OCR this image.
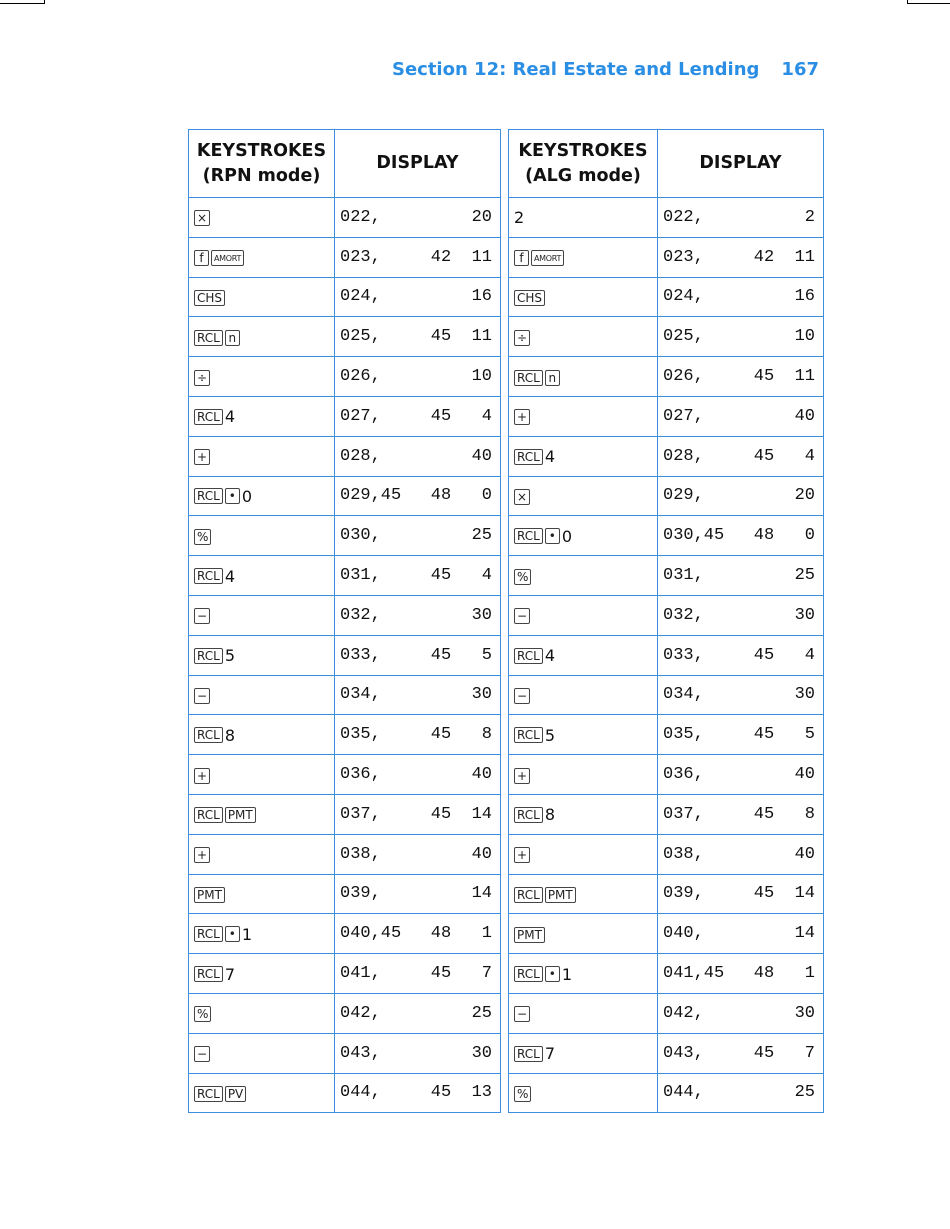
Section 12: Real Estate and Lending 167
KEYSTROKES
(RPN mode)	DISPLAY
×	022, 20

f AMORT	023, 42  11

CHS	024, 16

RCL n	025, 45  11

÷	026, 10

RCL 4	027, 45   4

+	028, 40

RCL • 0	029,45 48   0

%	030, 25

RCL 4	031, 45   4

−	032, 30

RCL 5	033, 45   5

−	034, 30

RCL 8	035, 45   8

+	036, 40

RCL PMT	037, 45  14

+	038, 40

PMT	039, 14

RCL • 1	040,45 48   1

RCL 7	041, 45   7

%	042, 25

−	043, 30

RCL PV	044, 45  13
KEYSTROKES
(ALG mode)	DISPLAY
2	022, 2

f AMORT	023, 42  11

CHS	024, 16

÷	025, 10

RCL n	026, 45  11

+	027, 40

RCL 4	028, 45   4

×	029, 20

RCL • 0	030,45 48   0

%	031, 25

−	032, 30

RCL 4	033, 45   4

−	034, 30

RCL 5	035, 45   5

+	036, 40

RCL 8	037, 45   8

+	038, 40

RCL PMT	039, 45  14

PMT	040, 14

RCL • 1	041,45 48   1

−	042, 30

RCL 7	043, 45   7

%	044, 25
